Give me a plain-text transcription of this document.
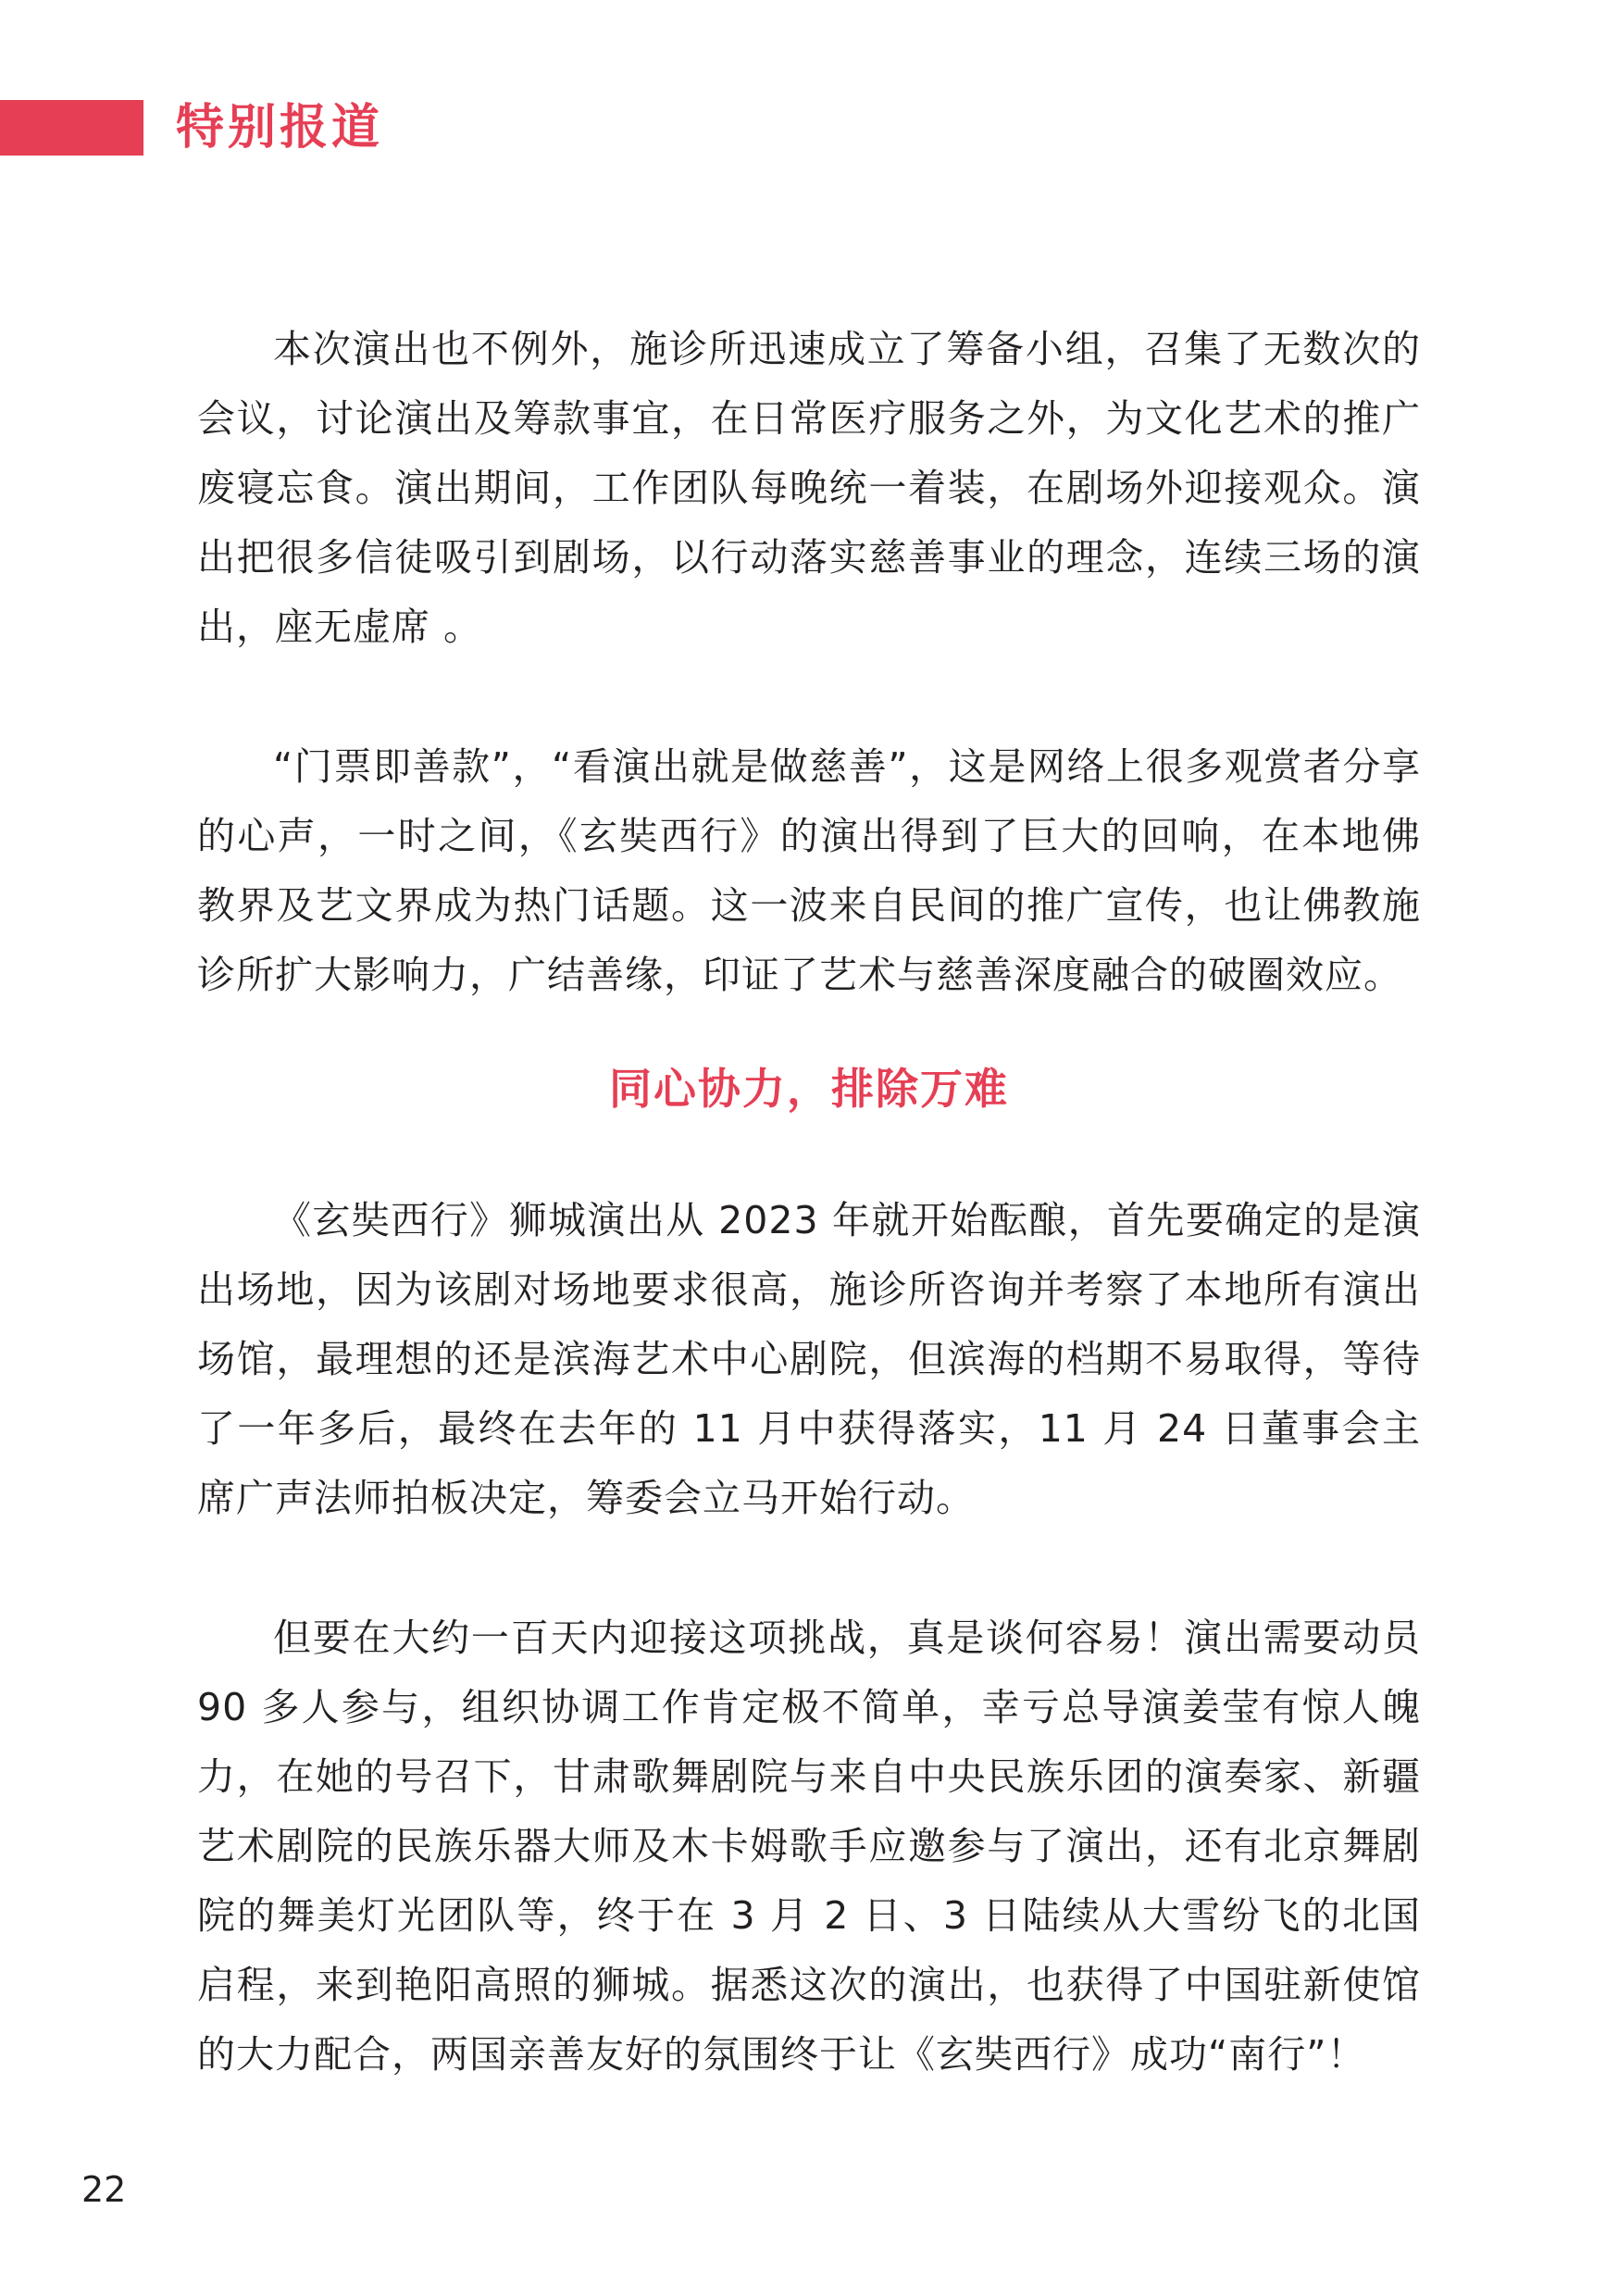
特别报道

本次演出也不例外，施诊所迅速成立了筹备小组，召集了无数次的会议，讨论演出及筹款事宜，在日常医疗服务之外，为文化艺术的推广废寝忘食。演出期间，工作团队每晚统一着装，在剧场外迎接观众。演出把很多信徒吸引到剧场，以行动落实慈善事业的理念，连续三场的演出，座无虚席 。

“门票即善款”，“看演出就是做慈善”，这是网络上很多观赏者分享的心声，一时之间，《玄奘西行》的演出得到了巨大的回响，在本地佛教界及艺文界成为热门话题。这一波来自民间的推广宣传，也让佛教施诊所扩大影响力，广结善缘，印证了艺术与慈善深度融合的破圈效应。

同心协力，排除万难

《玄奘西行》狮城演出从 2023 年就开始酝酿，首先要确定的是演出场地，因为该剧对场地要求很高，施诊所咨询并考察了本地所有演出场馆，最理想的还是滨海艺术中心剧院，但滨海的档期不易取得，等待了一年多后，最终在去年的 11 月中获得落实，11 月 24 日董事会主席广声法师拍板决定，筹委会立马开始行动。

但要在大约一百天内迎接这项挑战，真是谈何容易！演出需要动员 90 多人参与，组织协调工作肯定极不简单，幸亏总导演姜莹有惊人魄力，在她的号召下，甘肃歌舞剧院与来自中央民族乐团的演奏家、新疆艺术剧院的民族乐器大师及木卡姆歌手应邀参与了演出，还有北京舞剧院的舞美灯光团队等，终于在 3 月 2 日、3 日陆续从大雪纷飞的北国启程，来到艳阳高照的狮城。据悉这次的演出，也获得了中国驻新使馆的大力配合，两国亲善友好的氛围终于让《玄奘西行》成功“南行”！

22
